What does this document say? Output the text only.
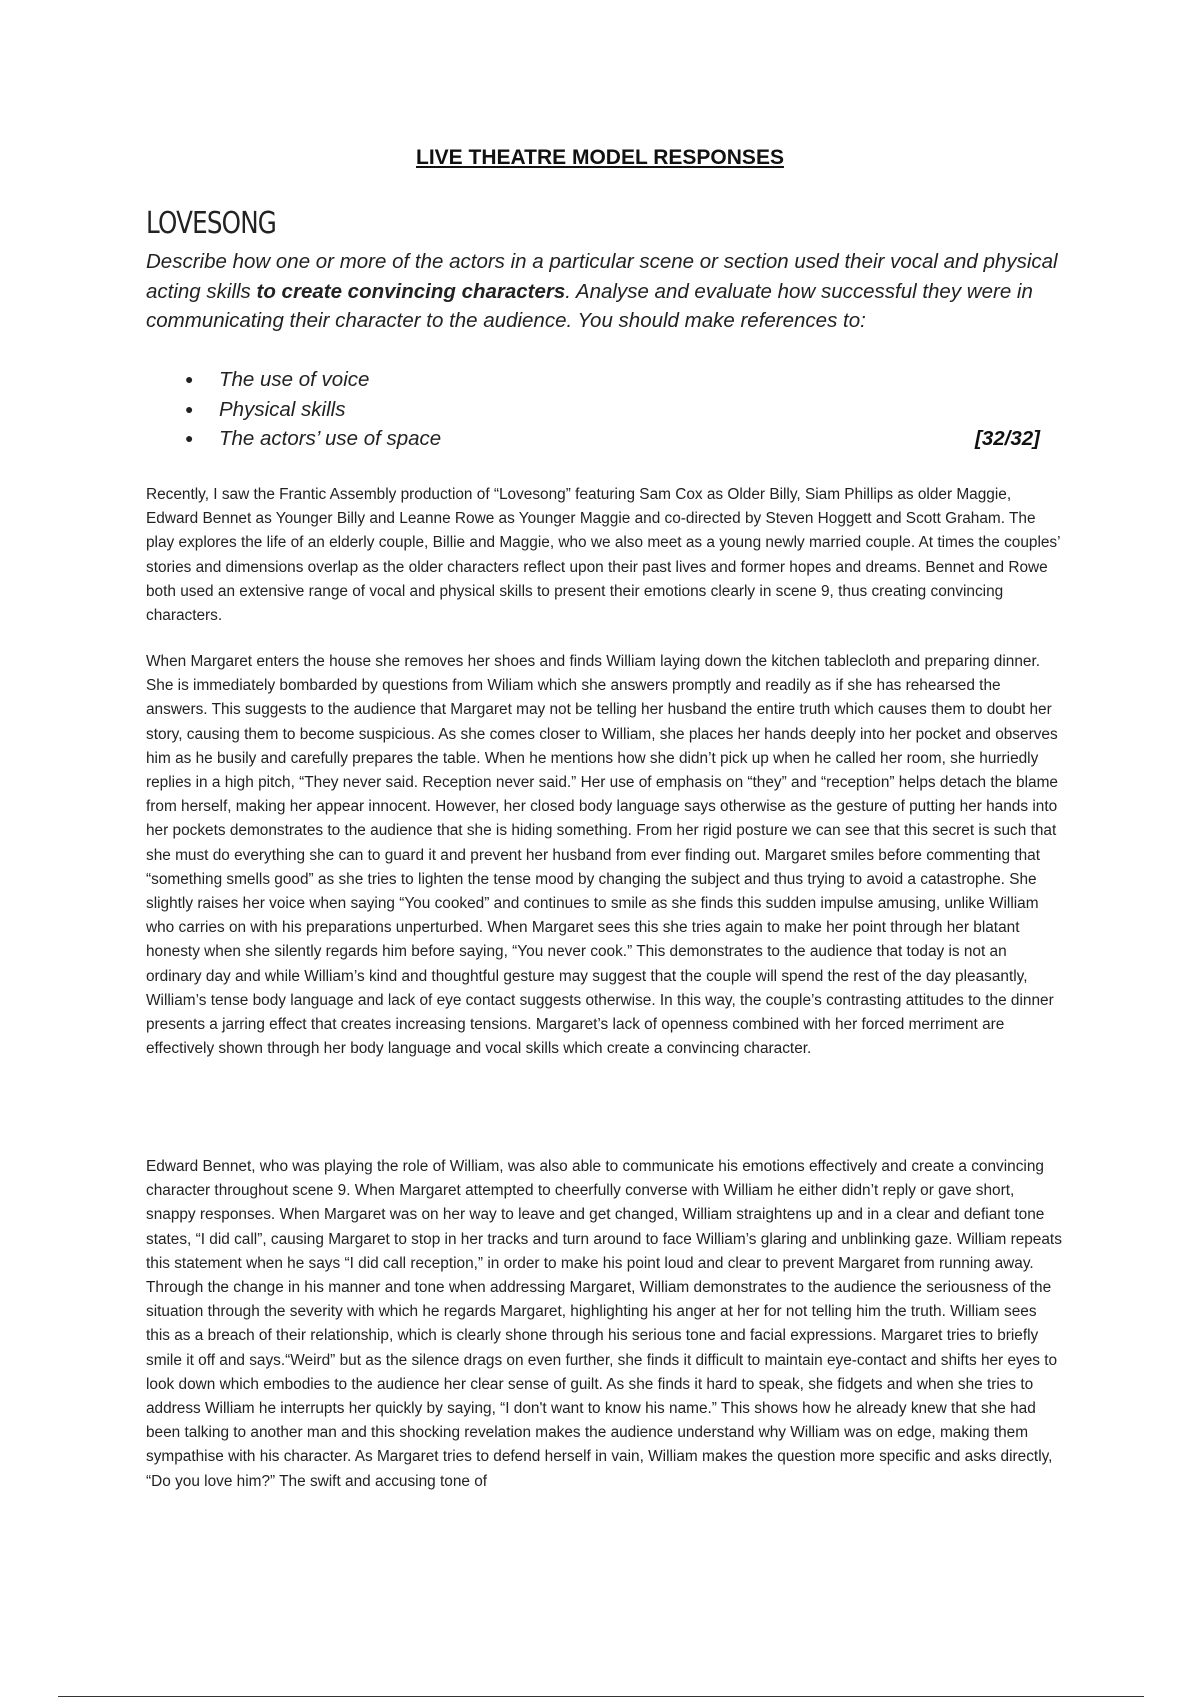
LIVE THEATRE MODEL RESPONSES
LOVESONG
Describe how one or more of the actors in a particular scene or section used their vocal and physical acting skills to create convincing characters. Analyse and evaluate how successful they were in communicating their character to the audience. You should make references to:
● The use of voice
● Physical skills
● The actors’ use of space	[32/32]

Recently, I saw the Frantic Assembly production of “Lovesong” featuring Sam Cox as Older Billy, Siam Phillips as older Maggie, Edward Bennet as Younger Billy and Leanne Rowe as Younger Maggie and co-directed by Steven Hoggett and Scott Graham. The play explores the life of an elderly couple, Billie and Maggie, who we also meet as a young newly married couple. At times the couples’ stories and dimensions overlap as the older characters reflect upon their past lives and former hopes and dreams. Bennet and Rowe both used an extensive range of vocal and physical skills to present their emotions clearly in scene 9, thus creating convincing characters.

When Margaret enters the house she removes her shoes and finds William laying down the kitchen tablecloth and preparing dinner. She is immediately bombarded by questions from Wiliam which she answers promptly and readily as if she has rehearsed the answers. This suggests to the audience that Margaret may not be telling her husband the entire truth which causes them to doubt her story, causing them to become suspicious. As she comes closer to William, she places her hands deeply into her pocket and observes him as he busily and carefully prepares the table. When he mentions how she didn’t pick up when he called her room, she hurriedly replies in a high pitch, “They never said. Reception never said.” Her use of emphasis on “they” and “reception” helps detach the blame from herself, making her appear innocent. However, her closed body language says otherwise as the gesture of putting her hands into her pockets demonstrates to the audience that she is hiding something. From her rigid posture we can see that this secret is such that she must do everything she can to guard it and prevent her husband from ever finding out. Margaret smiles before commenting that “something smells good” as she tries to lighten the tense mood by changing the subject and thus trying to avoid a catastrophe. She slightly raises her voice when saying “You cooked” and continues to smile as she finds this sudden impulse amusing, unlike William who carries on with his preparations unperturbed. When Margaret sees this she tries again to make her point through her blatant honesty when she silently regards him before saying, “You never cook.” This demonstrates to the audience that today is not an ordinary day and while William’s kind and thoughtful gesture may suggest that the couple will spend the rest of the day pleasantly, William’s tense body language and lack of eye contact suggests otherwise. In this way, the couple’s contrasting attitudes to the dinner presents a jarring effect that creates increasing tensions. Margaret’s lack of openness combined with her forced merriment are effectively shown through her body language and vocal skills which create a convincing character.

Edward Bennet, who was playing the role of William, was also able to communicate his emotions effectively and create a convincing character throughout scene 9. When Margaret attempted to cheerfully converse with William he either didn’t reply or gave short, snappy responses. When Margaret was on her way to leave and get changed, William straightens up and in a clear and defiant tone states, “I did call”, causing Margaret to stop in her tracks and turn around to face William’s glaring and unblinking gaze. William repeats this statement when he says “I did call reception,” in order to make his point loud and clear to prevent Margaret from running away. Through the change in his manner and tone when addressing Margaret, William demonstrates to the audience the seriousness of the situation through the severity with which he regards Margaret, highlighting his anger at her for not telling him the truth. William sees this as a breach of their relationship, which is clearly shone through his serious tone and facial expressions. Margaret tries to briefly smile it off and says.“Weird” but as the silence drags on even further, she finds it difficult to maintain eye-contact and shifts her eyes to look down which embodies to the audience her clear sense of guilt. As she finds it hard to speak, she fidgets and when she tries to address William he interrupts her quickly by saying, “I don't want to know his name.” This shows how he already knew that she had been talking to another man and this shocking revelation makes the audience understand why William was on edge, making them sympathise with his character. As Margaret tries to defend herself in vain, William makes the question more specific and asks directly, “Do you love him?” The swift and accusing tone of
